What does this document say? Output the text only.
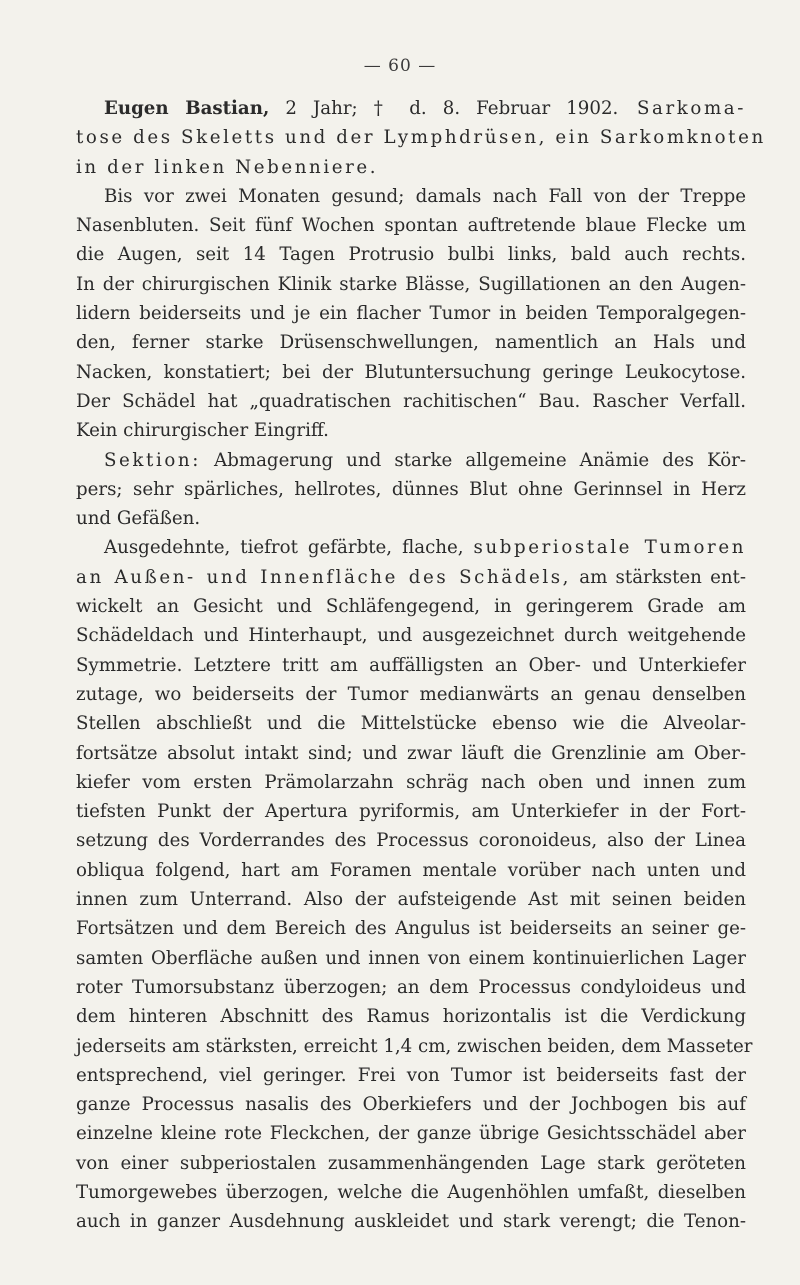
— 60 —
Eugen Bastian, 2 Jahr; † d. 8. Februar 1902. Sarkoma-
tose des Skeletts und der Lymphdrüsen, ein Sarkomknoten
in der linken Nebenniere.
Bis vor zwei Monaten gesund; damals nach Fall von der Treppe
Nasenbluten. Seit fünf Wochen spontan auftretende blaue Flecke um
die Augen, seit 14 Tagen Protrusio bulbi links, bald auch rechts.
In der chirurgischen Klinik starke Blässe, Sugillationen an den Augen-
lidern beiderseits und je ein flacher Tumor in beiden Temporalgegen-
den, ferner starke Drüsenschwellungen, namentlich an Hals und
Nacken, konstatiert; bei der Blutuntersuchung geringe Leukocytose.
Der Schädel hat „quadratischen rachitischen“ Bau. Rascher Verfall.
Kein chirurgischer Eingriff.
Sektion: Abmagerung und starke allgemeine Anämie des Kör-
pers; sehr spärliches, hellrotes, dünnes Blut ohne Gerinnsel in Herz
und Gefäßen.
Ausgedehnte, tiefrot gefärbte, flache, subperiostale Tumoren
an Außen- und Innenfläche des Schädels, am stärksten ent-
wickelt an Gesicht und Schläfengegend, in geringerem Grade am
Schädeldach und Hinterhaupt, und ausgezeichnet durch weitgehende
Symmetrie. Letztere tritt am auffälligsten an Ober- und Unterkiefer
zutage, wo beiderseits der Tumor medianwärts an genau denselben
Stellen abschließt und die Mittelstücke ebenso wie die Alveolar-
fortsätze absolut intakt sind; und zwar läuft die Grenzlinie am Ober-
kiefer vom ersten Prämolarzahn schräg nach oben und innen zum
tiefsten Punkt der Apertura pyriformis, am Unterkiefer in der Fort-
setzung des Vorderrandes des Processus coronoideus, also der Linea
obliqua folgend, hart am Foramen mentale vorüber nach unten und
innen zum Unterrand. Also der aufsteigende Ast mit seinen beiden
Fortsätzen und dem Bereich des Angulus ist beiderseits an seiner ge-
samten Oberfläche außen und innen von einem kontinuierlichen Lager
roter Tumorsubstanz überzogen; an dem Processus condyloideus und
dem hinteren Abschnitt des Ramus horizontalis ist die Verdickung
jederseits am stärksten, erreicht 1,4 cm, zwischen beiden, dem Masseter
entsprechend, viel geringer. Frei von Tumor ist beiderseits fast der
ganze Processus nasalis des Oberkiefers und der Jochbogen bis auf
einzelne kleine rote Fleckchen, der ganze übrige Gesichtsschädel aber
von einer subperiostalen zusammenhängenden Lage stark geröteten
Tumorgewebes überzogen, welche die Augenhöhlen umfaßt, dieselben
auch in ganzer Ausdehnung auskleidet und stark verengt; die Tenon-
